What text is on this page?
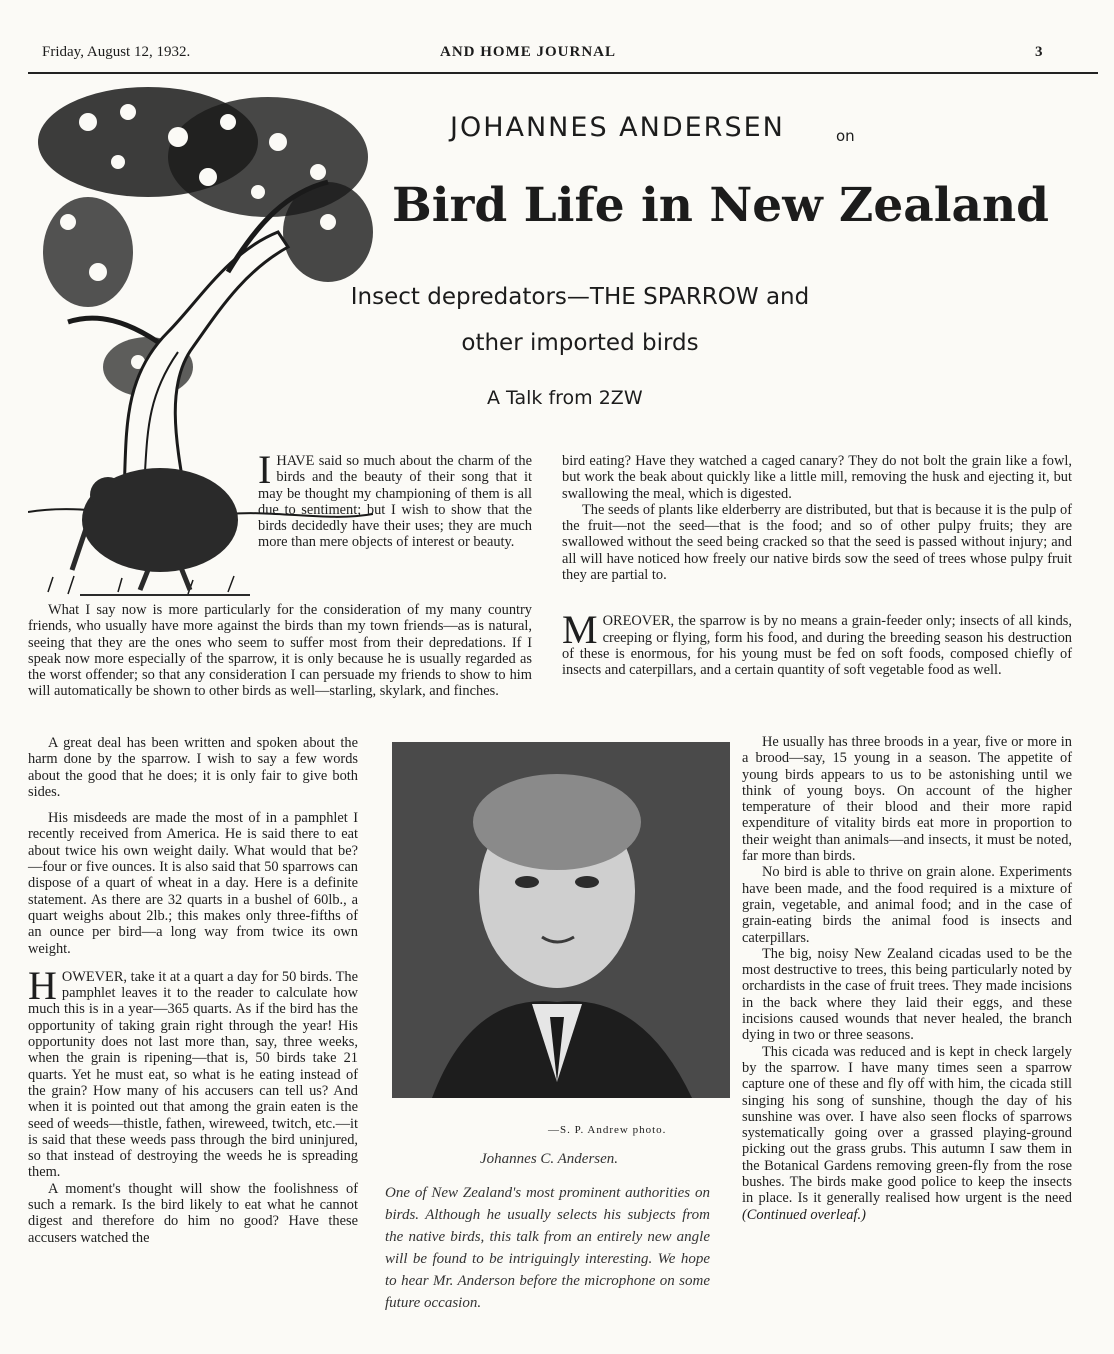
Friday, August 12, 1932.	AND HOME JOURNAL	3
JOHANNES ANDERSEN	on
Bird Life in New Zealand
Insect depredators—THE SPARROW and
other imported birds
A Talk from 2ZW

IHAVE said so much about the charm of the birds and the beauty of their song that it may be thought my championing of them is all due to sentiment; but I wish to show that the birds decidedly have their uses; they are much more than mere objects of interest or beauty.

What I say now is more particularly for the consideration of my many country friends, who usually have more against the birds than my town friends—as is natural, seeing that they are the ones who seem to suffer most from their depredations. If I speak now more especially of the sparrow, it is only because he is usually regarded as the worst offender; so that any consideration I can persuade my friends to show to him will automatically be shown to other birds as well—starling, skylark, and finches.

A great deal has been written and spoken about the harm done by the sparrow. I wish to say a few words about the good that he does; it is only fair to give both sides.

His misdeeds are made the most of in a pamphlet I recently received from America. He is said there to eat about twice his own weight daily. What would that be?—four or five ounces. It is also said that 50 sparrows can dispose of a quart of wheat in a day. Here is a definite statement. As there are 32 quarts in a bushel of 60lb., a quart weighs about 2lb.; this makes only three-fifths of an ounce per bird—a long way from twice its own weight.

HOWEVER, take it at a quart a day for 50 birds. The pamphlet leaves it to the reader to calculate how much this is in a year—365 quarts. As if the bird has the opportunity of taking grain right through the year! His opportunity does not last more than, say, three weeks, when the grain is ripening—that is, 50 birds take 21 quarts. Yet he must eat, so what is he eating instead of the grain? How many of his accusers can tell us? And when it is pointed out that among the grain eaten is the seed of weeds—thistle, fathen, wireweed, twitch, etc.—it is said that these weeds pass through the bird uninjured, so that instead of destroying the weeds he is spreading them.

A moment's thought will show the foolishness of such a remark. Is the bird likely to eat what he cannot digest and therefore do him no good? Have these accusers watched the

bird eating? Have they watched a caged canary? They do not bolt the grain like a fowl, but work the beak about quickly like a little mill, removing the husk and ejecting it, but swallowing the meal, which is digested.

The seeds of plants like elderberry are distributed, but that is because it is the pulp of the fruit—not the seed—that is the food; and so of other pulpy fruits; they are swallowed without the seed being cracked so that the seed is passed without injury; and all will have noticed how freely our native birds sow the seed of trees whose pulpy fruit they are partial to.

MOREOVER, the sparrow is by no means a grain-feeder only; insects of all kinds, creeping or flying, form his food, and during the breeding season his destruction of these is enormous, for his young must be fed on soft foods, composed chiefly of insects and caterpillars, and a certain quantity of soft vegetable food as well.

—S. P. Andrew photo.
Johannes C. Andersen.
One of New Zealand's most prominent authorities on birds. Although he usually selects his subjects from the native birds, this talk from an entirely new angle will be found to be intriguingly interesting. We hope to hear Mr. Anderson before the microphone on some future occasion.

He usually has three broods in a year, five or more in a brood—say, 15 young in a season. The appetite of young birds appears to us to be astonishing until we think of young boys. On account of the higher temperature of their blood and their more rapid expenditure of vitality birds eat more in proportion to their weight than animals—and insects, it must be noted, far more than birds.

No bird is able to thrive on grain alone. Experiments have been made, and the food required is a mixture of grain, vegetable, and animal food; and in the case of grain-eating birds the animal food is insects and caterpillars.

The big, noisy New Zealand cicadas used to be the most destructive to trees, this being particularly noted by orchardists in the case of fruit trees. They made incisions in the back where they laid their eggs, and these incisions caused wounds that never healed, the branch dying in two or three seasons.

This cicada was reduced and is kept in check largely by the sparrow. I have many times seen a sparrow capture one of these and fly off with him, the cicada still singing his song of sunshine, though the day of his sunshine was over. I have also seen flocks of sparrows systematically going over a grassed playing-ground picking out the grass grubs. This autumn I saw them in the Botanical Gardens removing green-fly from the rose bushes. The birds make good police to keep the insects in place. Is it generally realised how urgent is the need (Continued overleaf.)
